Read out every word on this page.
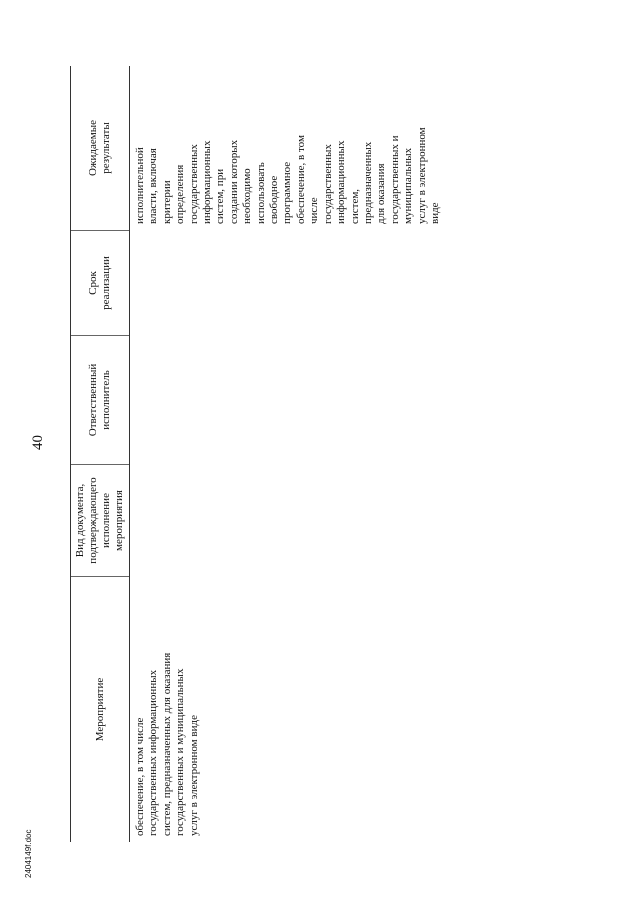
40
Мероприятие
Вид документа, подтверждающего исполнение мероприятия
Ответственный исполнитель
Срок реализации
Ожидаемые результаты
обеспечение, в том числе государственных информационных систем, предназначенных для оказания государственных и муниципальных услуг в электронном виде
исполнительной власти, включая критерии определения государственных информационных систем, при создании которых необходимо использовать свободное программное обеспечение, в том числе государственных информационных систем, предназначенных для оказания государственных и муниципальных услуг в электронном виде
2404149f.doc
